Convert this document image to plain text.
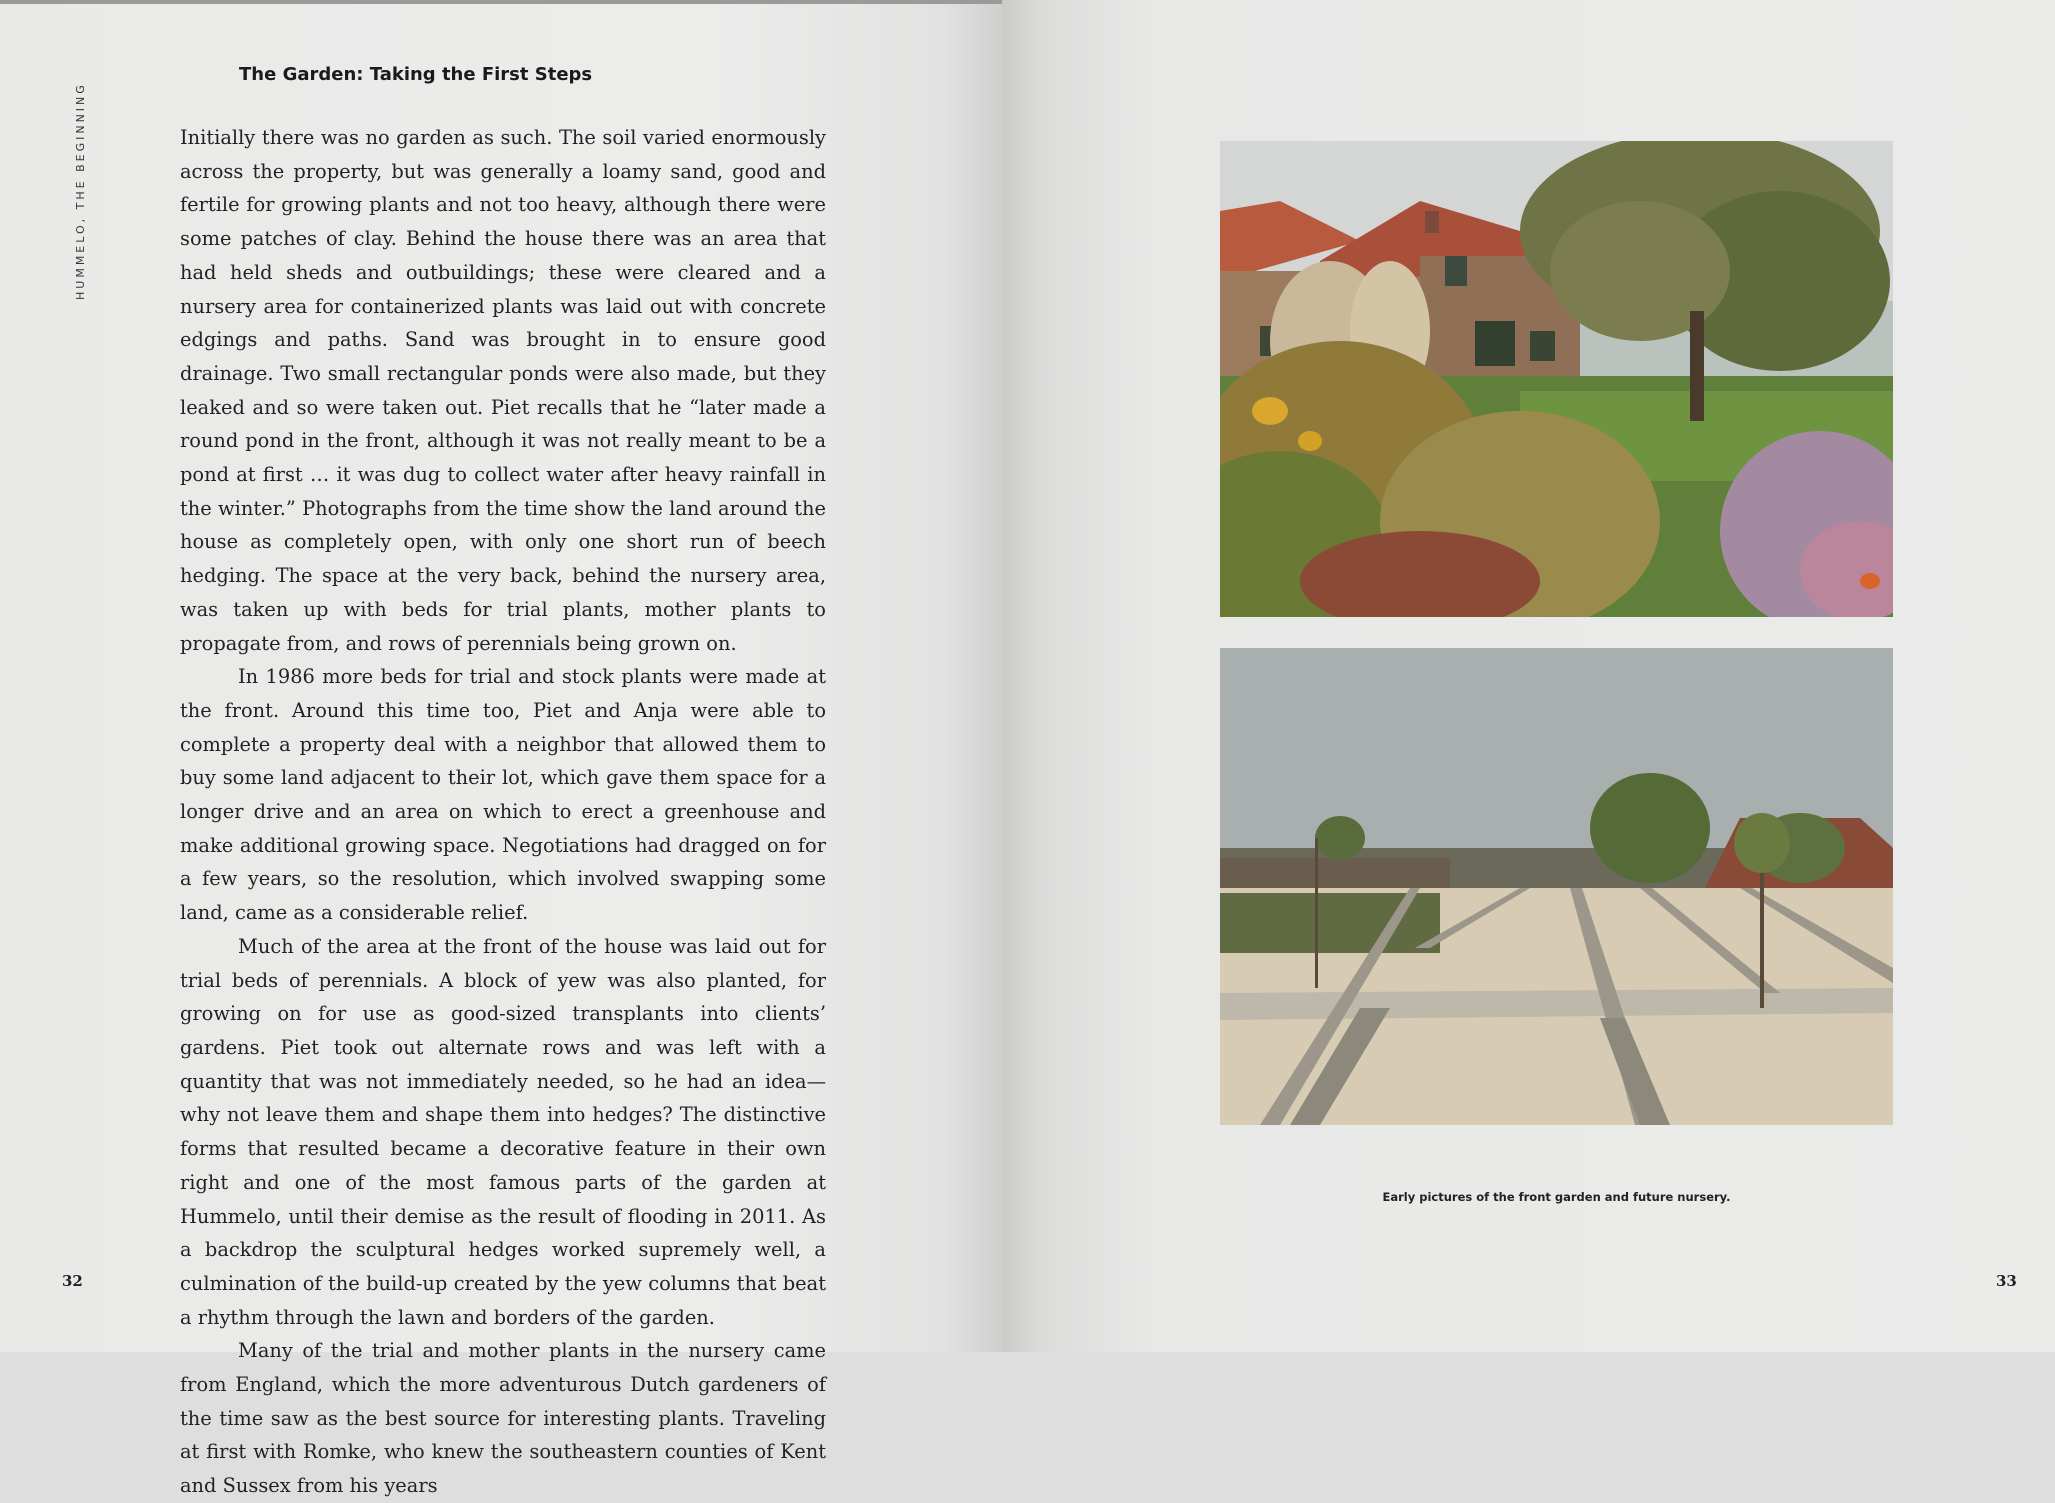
HUMMELO, THE BEGINNING
The Garden: Taking the First Steps

Initially there was no garden as such. The soil varied enormously across the property, but was generally a loamy sand, good and fertile for growing plants and not too heavy, although there were some patches of clay. Behind the house there was an area that had held sheds and outbuildings; these were cleared and a nursery area for containerized plants was laid out with concrete edgings and paths. Sand was brought in to ensure good drainage. Two small rectangular ponds were also made, but they leaked and so were taken out. Piet recalls that he “later made a round pond in the front, although it was not really meant to be a pond at first … it was dug to collect water after heavy rainfall in the winter.” Photographs from the time show the land around the house as completely open, with only one short run of beech hedging. The space at the very back, behind the nursery area, was taken up with beds for trial plants, mother plants to propagate from, and rows of perennials being grown on.

In 1986 more beds for trial and stock plants were made at the front. Around this time too, Piet and Anja were able to complete a property deal with a neighbor that allowed them to buy some land adjacent to their lot, which gave them space for a longer drive and an area on which to erect a greenhouse and make additional growing space. Negotiations had dragged on for a few years, so the resolution, which involved swapping some land, came as a considerable relief.

Much of the area at the front of the house was laid out for trial beds of perennials. A block of yew was also planted, for growing on for use as good-sized transplants into clients’ gardens. Piet took out alternate rows and was left with a quantity that was not immediately needed, so he had an idea—why not leave them and shape them into hedges? The distinctive forms that resulted became a decorative feature in their own right and one of the most famous parts of the garden at Hummelo, until their demise as the result of flooding in 2011. As a backdrop the sculptural hedges worked supremely well, a culmination of the build-up created by the yew columns that beat a rhythm through the lawn and borders of the garden.

Many of the trial and mother plants in the nursery came from England, which the more adventurous Dutch gardeners of the time saw as the best source for interesting plants. Traveling at first with Romke, who knew the southeastern counties of Kent and Sussex from his years

32
Early pictures of the front garden and future nursery.
33
